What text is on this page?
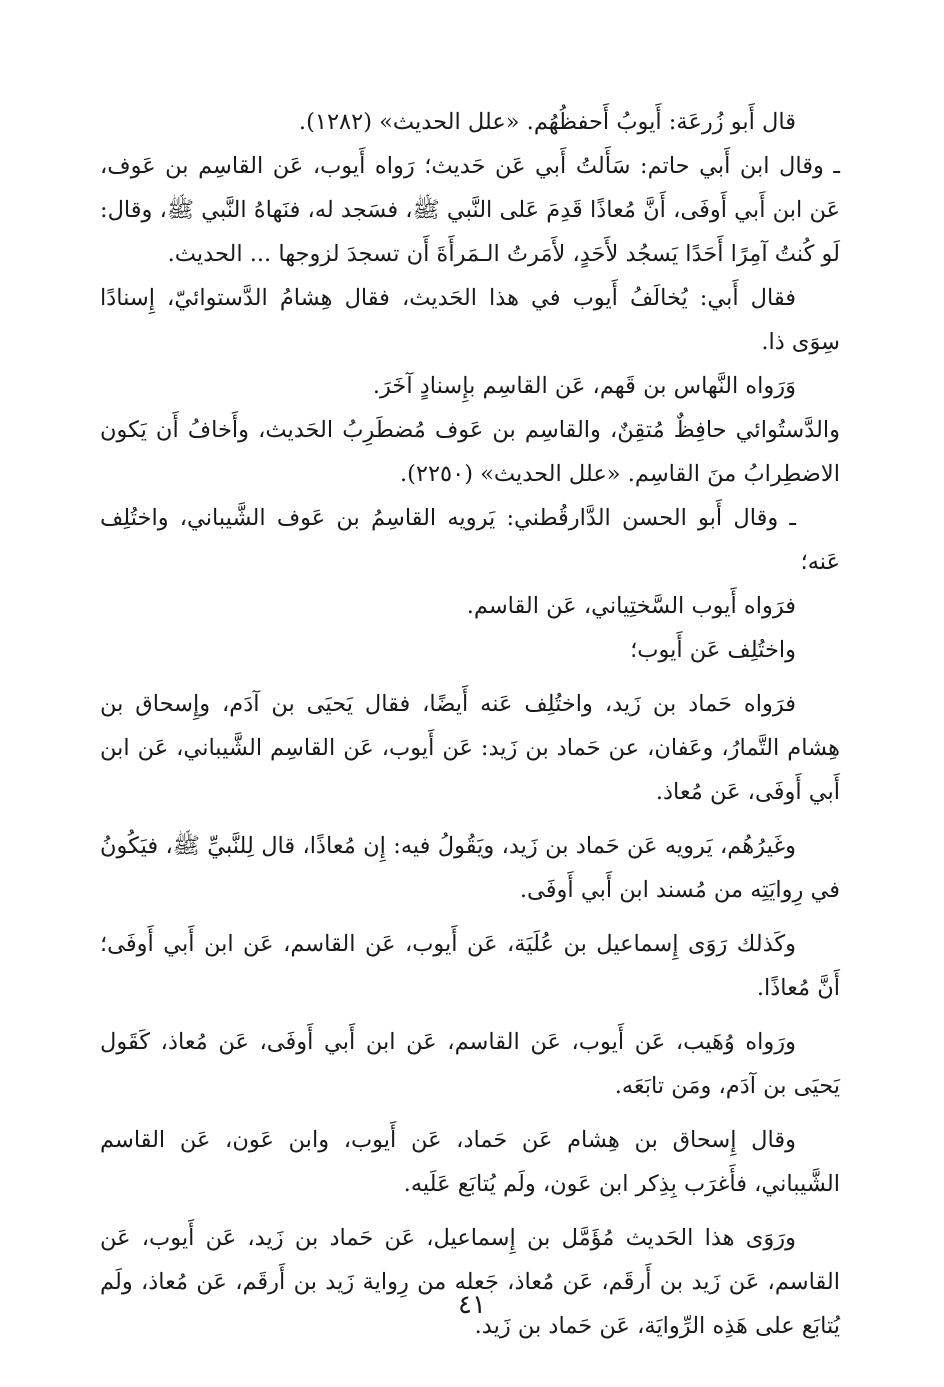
قال أَبو زُرعَة: أَيوبُ أَحفظُهُم. «علل الحديث» (١٢٨٢).

ـ وقال ابن أَبي حاتم: سَأَلتُ أَبي عَن حَديث؛ رَواه أَيوب، عَن القاسِم بن عَوف، عَن ابن أَبي أَوفَى، أَنَّ مُعاذًا قَدِمَ عَلى النَّبي ﷺ، فسَجد له، فنَهاهُ النَّبي ﷺ، وقال: لَو كُنتُ آمِرًا أَحَدًا يَسجُد لأَحَدٍ، لأَمَرتُ الـمَرأَةَ أَن تسجدَ لزوجها ... الحديث.

فقال أَبي: يُخالَفُ أَيوب في هذا الحَديث، فقال هِشامُ الدَّستوائيّ، إِسنادًا سِوَى ذا.

وَرَواه النَّهاس بن قَهم، عَن القاسِم بإِسنادٍ آخَرَ.

والدَّستُوائي حافِظٌ مُتقِنٌ، والقاسِم بن عَوف مُضطَرِبُ الحَديث، وأَخافُ أَن يَكون الاضطِرابُ منَ القاسِم. «علل الحديث» (٢٢٥٠).

ـ وقال أَبو الحسن الدَّارقُطني: يَرويه القاسِمُ بن عَوف الشَّيباني، واختُلِف عَنه؛

فرَواه أَيوب السَّختِياني، عَن القاسم.

واختُلِف عَن أَيوب؛

فرَواه حَماد بن زَيد، واختُلِف عَنه أَيضًا، فقال يَحيَى بن آدَم، وإِسحاق بن هِشام التَّمارُ، وعَفان، عن حَماد بن زَيد: عَن أَيوب، عَن القاسِم الشَّيباني، عَن ابن أَبي أَوفَى، عَن مُعاذ.

وغَيرُهُم، يَرويه عَن حَماد بن زَيد، ويَقُولُ فيه: إِن مُعاذًا، قال لِلنَّبيِّ ﷺ، فيَكُونُ في رِوايَتِه من مُسند ابن أَبي أَوفَى.

وكَذلك رَوَى إِسماعيل بن عُلَيَة، عَن أَيوب، عَن القاسم، عَن ابن أَبي أَوفَى؛ أَنَّ مُعاذًا.

ورَواه وُهَيب، عَن أَيوب، عَن القاسم، عَن ابن أَبي أَوفَى، عَن مُعاذ، كَقَول يَحيَى بن آدَم، ومَن تابَعَه.

وقال إِسحاق بن هِشام عَن حَماد، عَن أَيوب، وابن عَون، عَن القاسم الشَّيباني، فأَغرَب بِذِكر ابن عَون، ولَم يُتابَع عَلَيه.

ورَوَى هذا الحَديث مُؤَمَّل بن إِسماعيل، عَن حَماد بن زَيد، عَن أَيوب، عَن القاسم، عَن زَيد بن أَرقَم، عَن مُعاذ، جَعله من رِواية زَيد بن أَرقَم، عَن مُعاذ، ولَم يُتابَع على هَذِه الرِّوايَة، عَن حَماد بن زَيد.

٤١
